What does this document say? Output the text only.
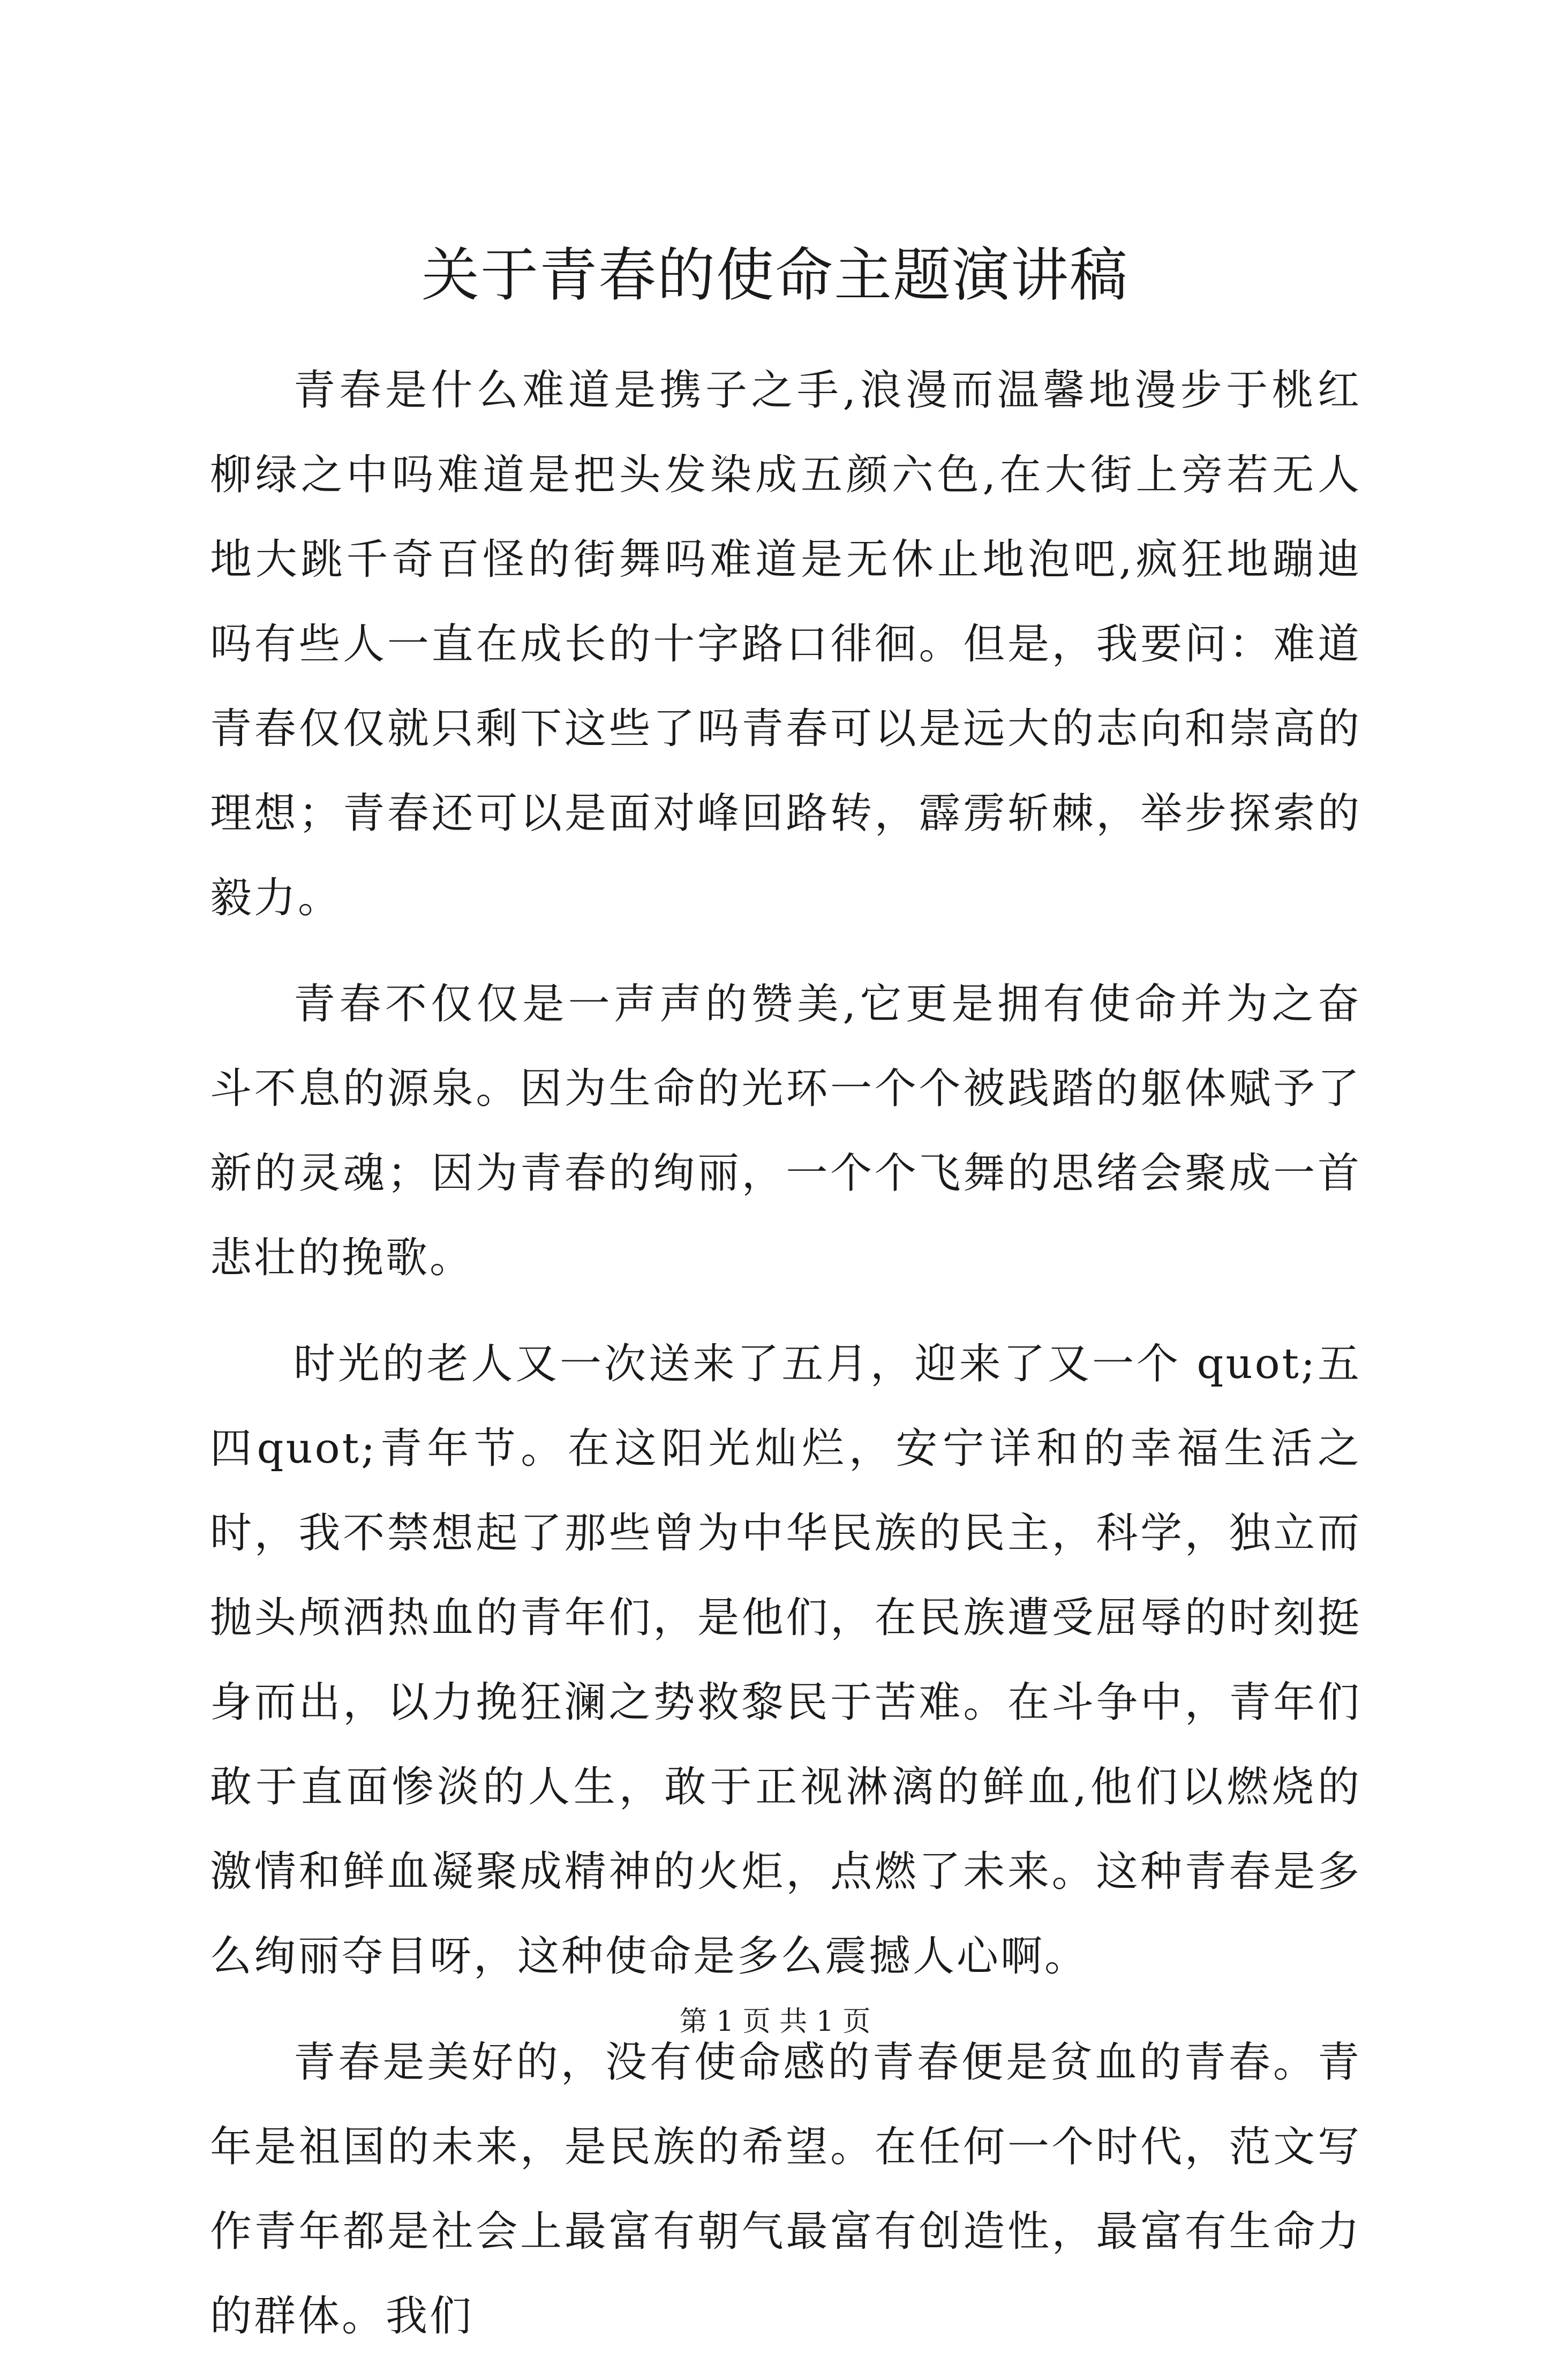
关于青春的使命主题演讲稿

青春是什么难道是携子之手,浪漫而温馨地漫步于桃红柳绿之中吗难道是把头发染成五颜六色,在大街上旁若无人地大跳千奇百怪的街舞吗难道是无休止地泡吧,疯狂地蹦迪吗有些人一直在成长的十字路口徘徊。但是，我要问：难道青春仅仅就只剩下这些了吗青春可以是远大的志向和崇高的理想；青春还可以是面对峰回路转，霹雳斩棘，举步探索的毅力。

青春不仅仅是一声声的赞美,它更是拥有使命并为之奋斗不息的源泉。因为生命的光环一个个被践踏的躯体赋予了新的灵魂；因为青春的绚丽，一个个飞舞的思绪会聚成一首悲壮的挽歌。

时光的老人又一次送来了五月，迎来了又一个 quot;五四quot;青年节。在这阳光灿烂，安宁详和的幸福生活之时，我不禁想起了那些曾为中华民族的民主，科学，独立而抛头颅洒热血的青年们，是他们，在民族遭受屈辱的时刻挺身而出，以力挽狂澜之势救黎民于苦难。在斗争中，青年们敢于直面惨淡的人生，敢于正视淋漓的鲜血,他们以燃烧的激情和鲜血凝聚成精神的火炬，点燃了未来。这种青春是多么绚丽夺目呀，这种使命是多么震撼人心啊。

青春是美好的，没有使命感的青春便是贫血的青春。青年是祖国的未来，是民族的希望。在任何一个时代，范文写作青年都是社会上最富有朝气最富有创造性，最富有生命力的群体。我们

第 1 页 共 1 页
